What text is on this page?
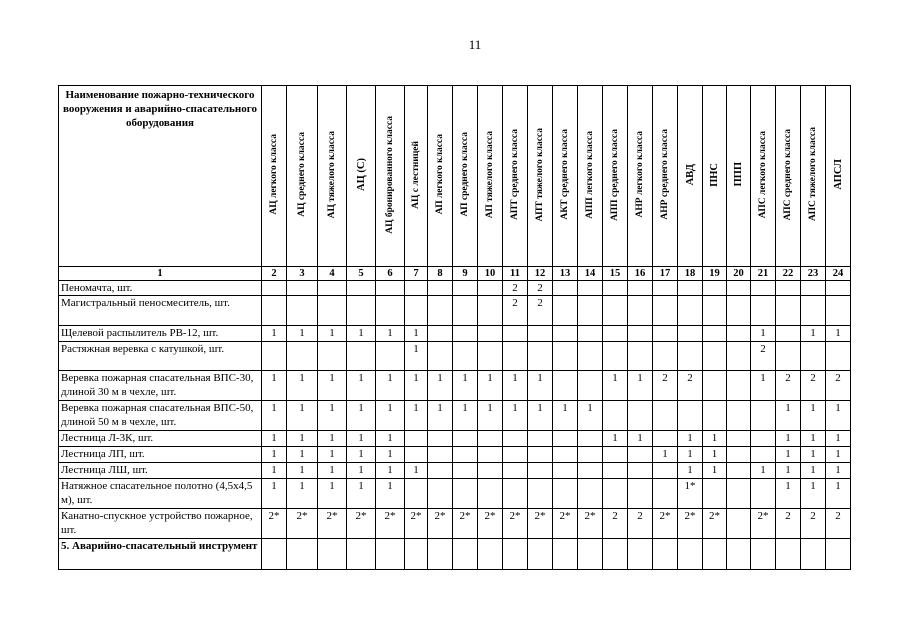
11
Наименование пожарно-технического вооружения и аварийно-спасательного оборудования	АЦ легкого класса	АЦ среднего класса	АЦ тяжелого класса	АЦ (С)	АЦ бронированного класса	АЦ с лестницей	АП легкого класса	АП среднего класса	АП тяжелого класса	АПТ среднего класса	АПТ тяжелого класса	АКТ среднего класса	АПП легкого класса	АПП среднего класса	АНР легкого класса	АНР среднего класса	АВД	ПНС	ППП	АПС легкого класса	АПС среднего класса	АПС тяжелого класса	АПСЛ
1	2	3	4	5	6	7	8	9	10	11	12	13	14	15	16	17	18	19	20	21	22	23	24
Пеномачта, шт.										2	2												
Магистральный пеносмеситель, шт.										2	2												
Щелевой распылитель РВ-12, шт.	1	1	1	1	1	1														1		1	1
Растяжная веревка с катушкой, шт.						1														2			
Веревка пожарная спасательная ВПС-30, длиной 30 м в чехле, шт.	1	1	1	1	1	1	1	1	1	1	1			1	1	2	2			1	2	2	2
Веревка пожарная спасательная ВПС-50, длиной 50 м в чехле, шт.	1	1	1	1	1	1	1	1	1	1	1	1	1								1	1	1
Лестница Л-3К, шт.	1	1	1	1	1									1	1		1	1			1	1	1
Лестница ЛП, шт.	1	1	1	1	1											1	1	1			1	1	1
Лестница ЛШ, шт.	1	1	1	1	1	1											1	1		1	1	1	1
Натяжное спасательное полотно (4,5х4,5 м), шт.	1	1	1	1	1												1*				1	1	1
Канатно-спускное устройство пожарное, шт.	2*	2*	2*	2*	2*	2*	2*	2*	2*	2*	2*	2*	2*	2	2	2*	2*	2*		2*	2	2	2
5. Аварийно-спасательный инструмент																							
